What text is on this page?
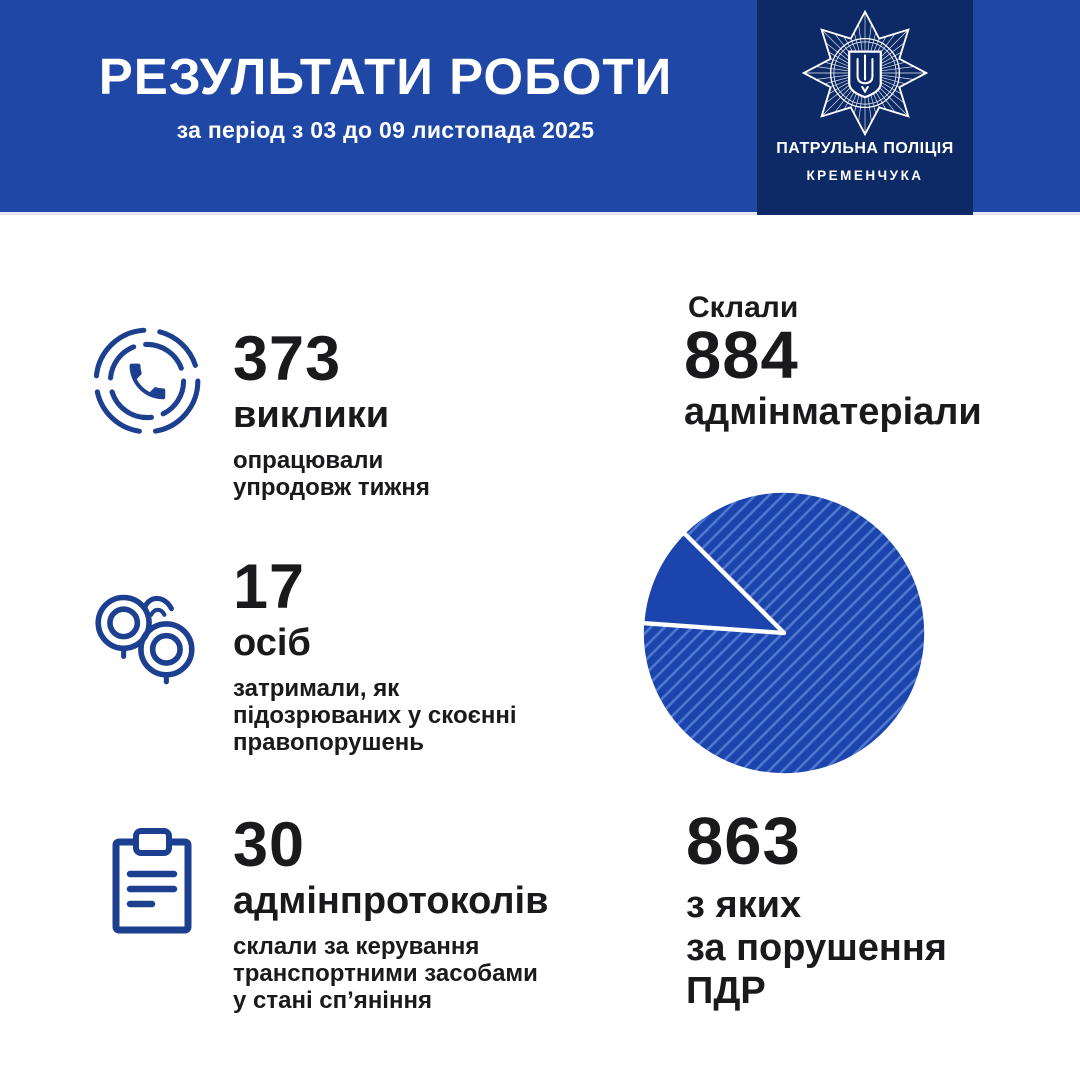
РЕЗУЛЬТАТИ РОБОТИ
за період з 03 до 09 листопада 2025
ПАТРУЛЬНА ПОЛІЦІЯ
КРЕМЕНЧУКА
373
виклики
опрацювали
упродовж тижня
17
осіб
затримали, як
підозрюваних у скоєнні
правопорушень
30
адмінпротоколів
склали за керування
транспортними засобами
у стані сп’яніння
Склали
884
адмінматеріали
863
з яких
за порушення
ПДР
